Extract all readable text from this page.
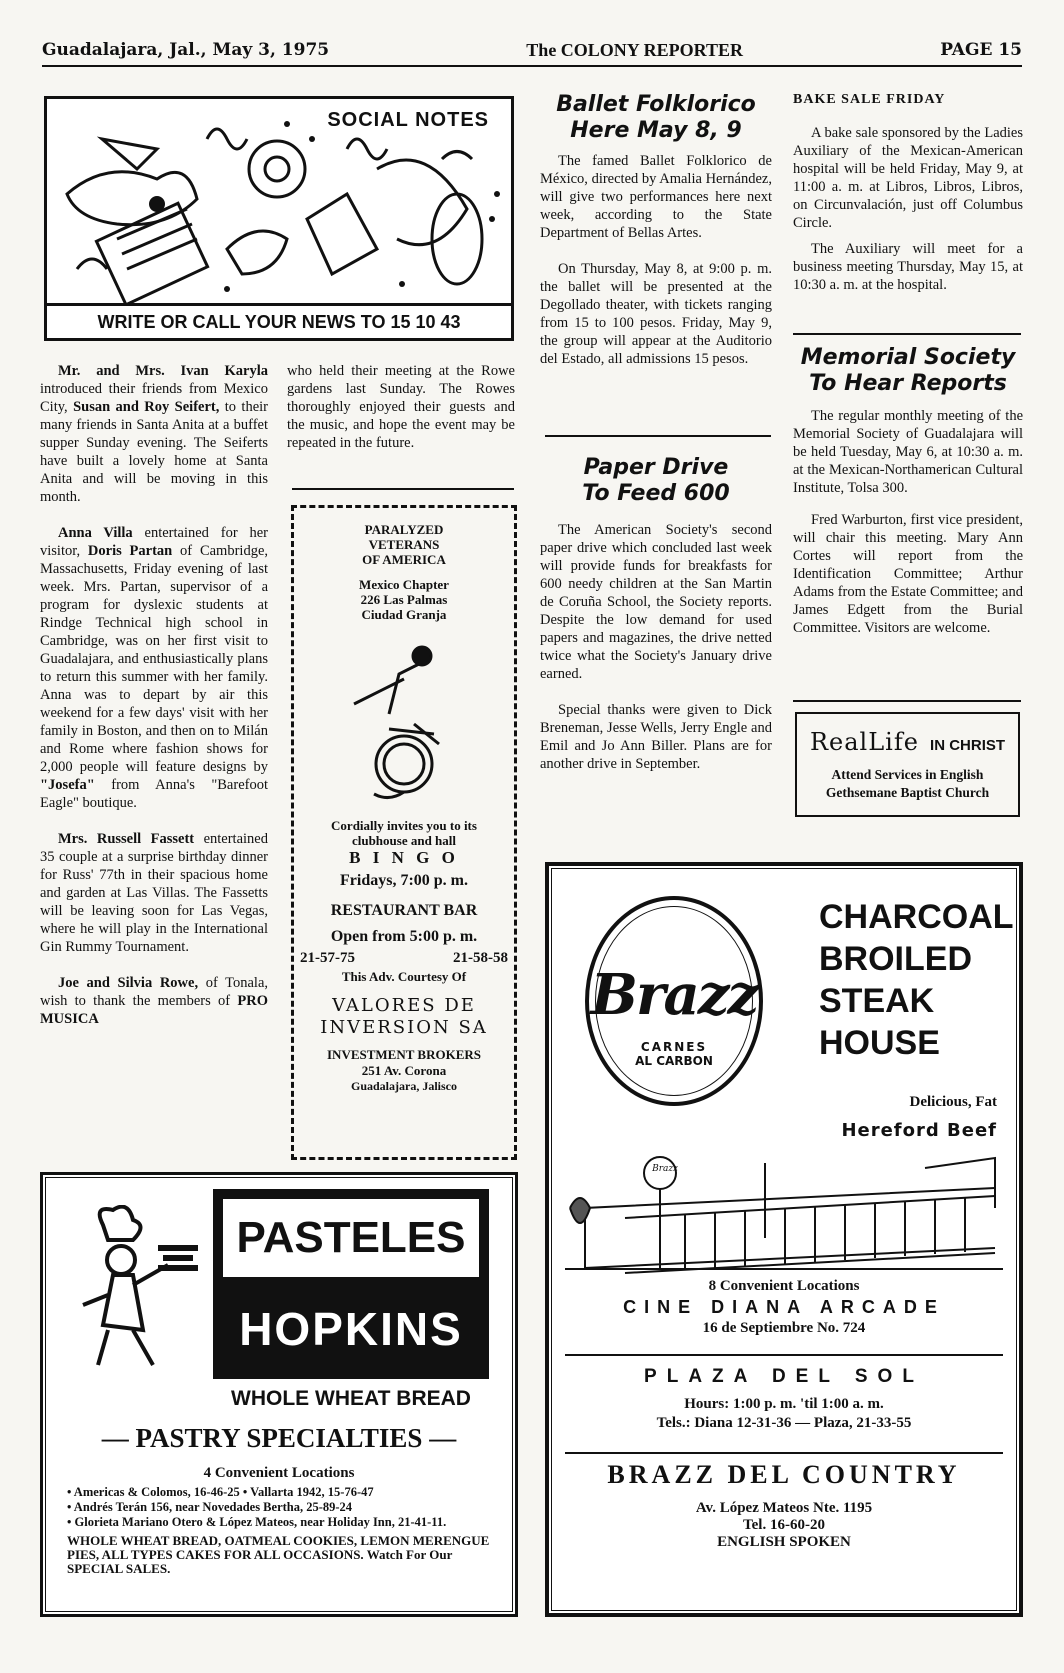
Guadalajara, Jal., May 3, 1975	The COLONY REPORTER	PAGE 15
SOCIAL NOTES
WRITE OR CALL YOUR NEWS TO 15 10 43

Mr. and Mrs. Ivan Karyla introduced their friends from Mexico City, Susan and Roy Seifert, to their many friends in Santa Anita at a buffet supper Sunday evening. The Seiferts have built a lovely home at Santa Anita and will be moving in this month.

Anna Villa entertained for her visitor, Doris Partan of Cambridge, Massachusetts, Friday evening of last week. Mrs. Partan, supervisor of a program for dyslexic students at Rindge Technical high school in Cambridge, was on her first visit to Guadalajara, and enthusiastically plans to return this summer with her family. Anna was to depart by air this weekend for a few days' visit with her family in Boston, and then on to Milán and Rome where fashion shows for 2,000 people will feature designs by "Josefa" from Anna's "Barefoot Eagle" boutique.

Mrs. Russell Fassett entertained 35 couple at a surprise birthday dinner for Russ' 77th in their spacious home and garden at Las Villas. The Fassetts will be leaving soon for Las Vegas, where he will play in the International Gin Rummy Tournament.

Joe and Silvia Rowe, of Tonala, wish to thank the members of PRO MUSICA

who held their meeting at the Rowe gardens last Sunday. The Rowes thoroughly enjoyed their guests and the music, and hope the event may be repeated in the future.

PARALYZED
VETERANS
OF AMERICA
Mexico Chapter
226 Las Palmas
Ciudad Granja
Cordially invites you to its clubhouse and hall
B I N G O
Fridays, 7:00 p. m.
RESTAURANT BAR
Open from 5:00 p. m.
21-57-75	21-58-58
This Adv. Courtesy Of
VALORES DE
INVERSION SA
INVESTMENT BROKERS
251 Av. Corona
Guadalajara, Jalisco
Ballet Folklorico
Here May 8, 9

The famed Ballet Folklorico de México, directed by Amalia Hernández, will give two performances here next week, according to the State Department of Bellas Artes.

On Thursday, May 8, at 9:00 p. m. the ballet will be presented at the Degollado theater, with tickets ranging from 15 to 100 pesos. Friday, May 9, the group will appear at the Auditorio del Estado, all admissions 15 pesos.

Paper Drive
To Feed 600

The American Society's second paper drive which concluded last week will provide funds for breakfasts for 600 needy children at the San Martin de Coruña School, the Society reports. Despite the low demand for used papers and magazines, the drive netted twice what the Society's January drive earned.

Special thanks were given to Dick Breneman, Jesse Wells, Jerry Engle and Emil and Jo Ann Biller. Plans are for another drive in September.

BAKE SALE FRIDAY

A bake sale sponsored by the Ladies Auxiliary of the Mexican-American hospital will be held Friday, May 9, at 11:00 a. m. at Libros, Libros, Libros, on Circunvalación, just off Columbus Circle.

The Auxiliary will meet for a business meeting Thursday, May 15, at 10:30 a. m. at the hospital.

Memorial Society
To Hear Reports

The regular monthly meeting of the Memorial Society of Guadalajara will be held Tuesday, May 6, at 10:30 a. m. at the Mexican-Northamerican Cultural Institute, Tolsa 300.

Fred Warburton, first vice president, will chair this meeting. Mary Ann Cortes will report from the Identification Committee; Arthur Adams from the Estate Committee; and James Edgett from the Burial Committee. Visitors are welcome.

RealLife IN CHRIST
Attend Services in English
Gethsemane Baptist Church
Brazz
CARNES
AL CARBON
CHARCOAL
BROILED
STEAK
HOUSE
Delicious, Fat
Hereford Beef
Brazz
8 Convenient Locations
CINE DIANA ARCADE
16 de Septiembre No. 724
PLAZA DEL SOL
Hours: 1:00 p. m. 'til 1:00 a. m.
Tels.: Diana 12-31-36 — Plaza, 21-33-55
BRAZZ DEL COUNTRY
Av. López Mateos Nte. 1195
Tel. 16-60-20
ENGLISH SPOKEN
PASTELES
HOPKINS
WHOLE WHEAT BREAD
— PASTRY SPECIALTIES —
4 Convenient Locations
• Americas & Colomos, 16-46-25 • Vallarta 1942, 15-76-47
• Andrés Terán 156, near Novedades Bertha, 25-89-24
• Glorieta Mariano Otero & López Mateos, near Holiday Inn, 21-41-11.
WHOLE WHEAT BREAD, OATMEAL COOKIES, LEMON MERENGUE PIES, ALL TYPES CAKES FOR ALL OCCASIONS. Watch For Our SPECIAL SALES.
